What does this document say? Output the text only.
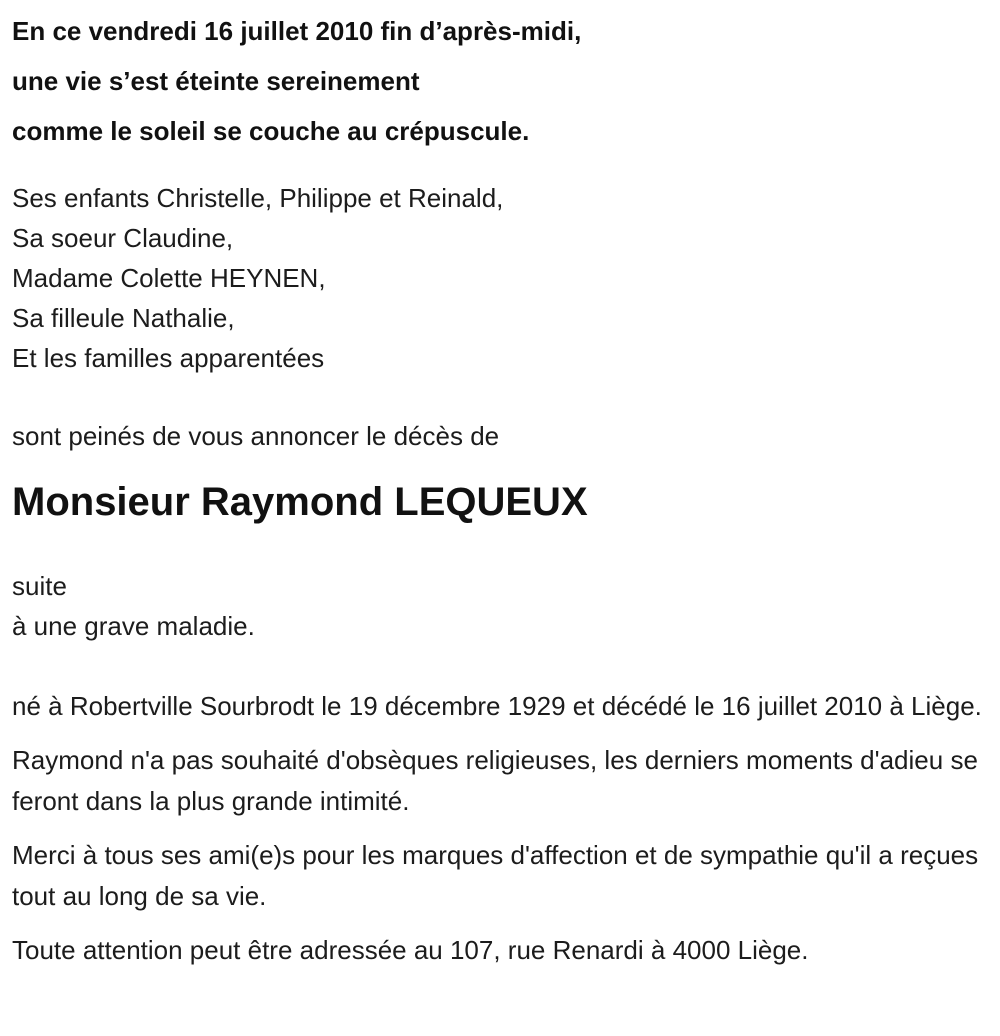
En ce vendredi 16 juillet 2010 fin d’après-midi,

une vie s’est éteinte sereinement

comme le soleil se couche au crépuscule.

Ses enfants Christelle, Philippe et Reinald,
Sa soeur Claudine,
Madame Colette HEYNEN,
Sa filleule Nathalie,
Et les familles apparentées

sont peinés de vous annoncer le décès de

Monsieur Raymond LEQUEUX
suite
à une grave maladie.

né à Robertville Sourbrodt le 19 décembre 1929 et décédé le 16 juillet 2010 à Liège.

Raymond n'a pas souhaité d'obsèques religieuses, les derniers moments d'adieu se feront dans la plus grande intimité.

Merci à tous ses ami(e)s pour les marques d'affection et de sympathie qu'il a reçues tout au long de sa vie.

Toute attention peut être adressée au 107, rue Renardi à 4000 Liège.
